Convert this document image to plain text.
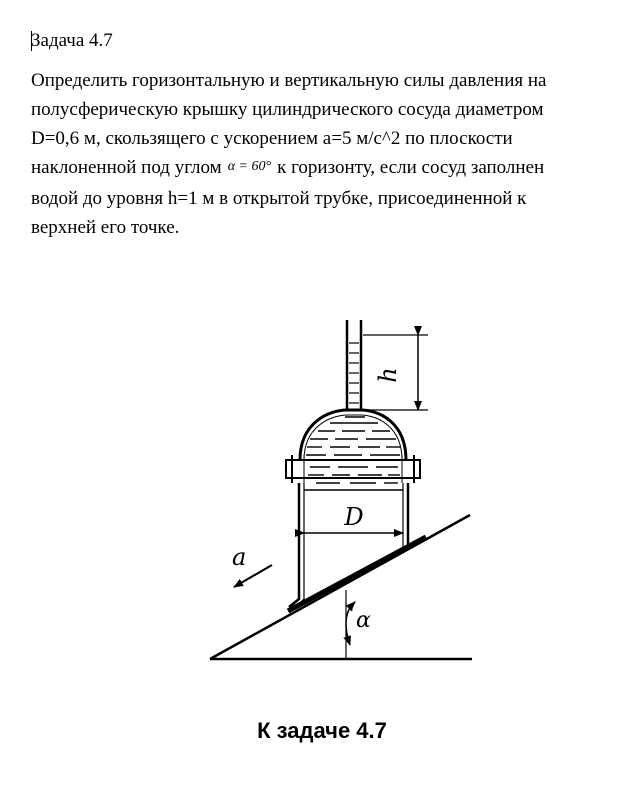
Задача 4.7
Определить горизонтальную и вертикальную силы давления на
полусферическую крышку цилиндрического сосуда диаметром
D=0,6 м, скользящего с ускорением a=5 м/с^2 по плоскости
наклоненной под углом α = 60° к горизонту, если сосуд заполнен
водой до уровня h=1 м в открытой трубке, присоединенной к
верхней его точке.
α
h
D
a
К задаче 4.7
